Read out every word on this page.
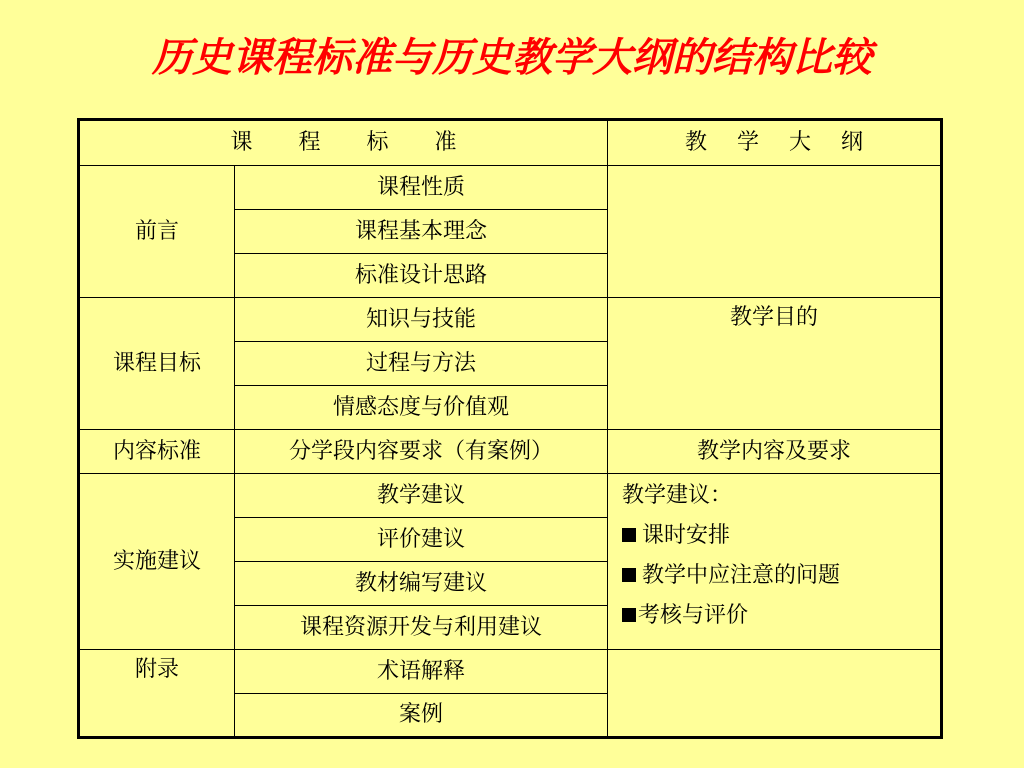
历史课程标准与历史教学大纲的结构比较
课 程 标 准		教 学 大 纲
前言	课程性质	
	课程基本理念	
	标准设计思路	
课程目标	知识与技能	教学目的
	过程与方法	
	情感态度与价值观	
内容标准	分学段内容要求（有案例）	教学内容及要求
实施建议	教学建议	教学建议：
课时安排
教学中应注意的问题
考核与评价

	评价建议	
	教材编写建议	
	课程资源开发与利用建议	
附录	术语解释	
	案例	
